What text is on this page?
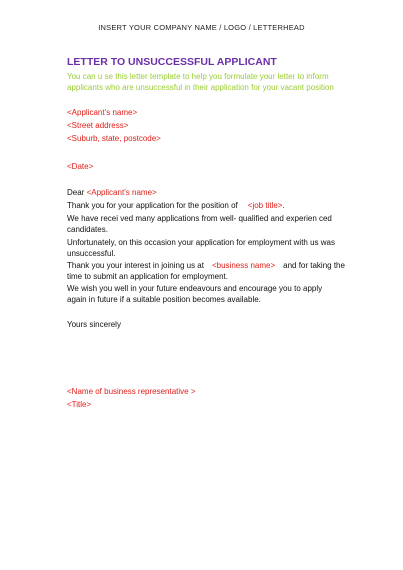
INSERT YOUR COMPANY NAME / LOGO / LETTERHEAD
LETTER TO UNSUCCESSFUL APPLICANT
You can u se this letter template to help you formulate your letter to inform
applicants who are unsuccessful in their application for your vacant position
<Applicant’s name>
<Street address>
<Suburb, state, postcode>
<Date>
Dear <Applicant’s name>
Thank you for your application for the position of <job title>.
We have recei ved many applications from well- qualified and experien ced
candidates.
Unfortunately, on this occasion your application for employment with us was
unsuccessful.
Thank you your interest in joining us at <business name> and for taking the
time to submit an application for employment.
We wish you well in your future endeavours and encourage you to apply
again in future if a suitable position becomes available.
Yours sincerely
<Name of business representative >
<Title>
